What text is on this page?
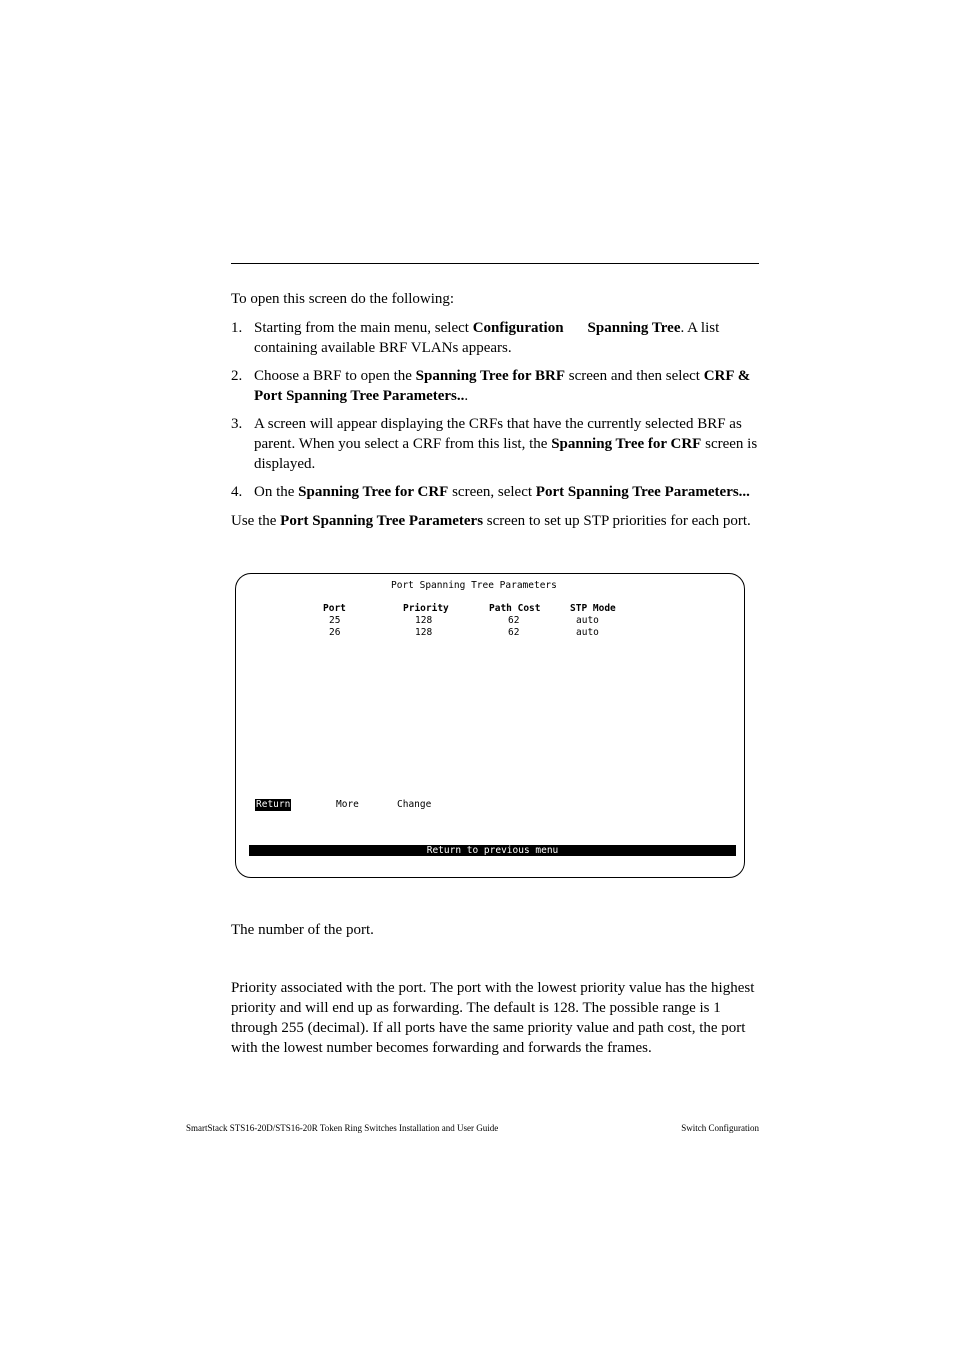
To open this screen do the following:

1. Starting from the main menu, select Configuration Spanning Tree. A list containing available BRF VLANs appears.
2. Choose a BRF to open the Spanning Tree for BRF screen and then select CRF & Port Spanning Tree Parameters...
3. A screen will appear displaying the CRFs that have the currently selected BRF as parent. When you select a CRF from this list, the Spanning Tree for CRF screen is displayed.
4. On the Spanning Tree for CRF screen, select Port Spanning Tree Parameters...

Use the Port Spanning Tree Parameters screen to set up STP priorities for each port.

Port Spanning Tree Parameters
Port	Priority	Path Cost	STP Mode
25	128	62	auto
26	128	62	auto
Return	More	Change
Return to previous menu

The number of the port.

Priority associated with the port. The port with the lowest priority value has the highest priority and will end up as forwarding. The default is 128. The possible range is 1 through 255 (decimal). If all ports have the same priority value and path cost, the port with the lowest number becomes forwarding and forwards the frames.

SmartStack STS16-20D/STS16-20R Token Ring Switches Installation and User Guide	Switch Configuration
